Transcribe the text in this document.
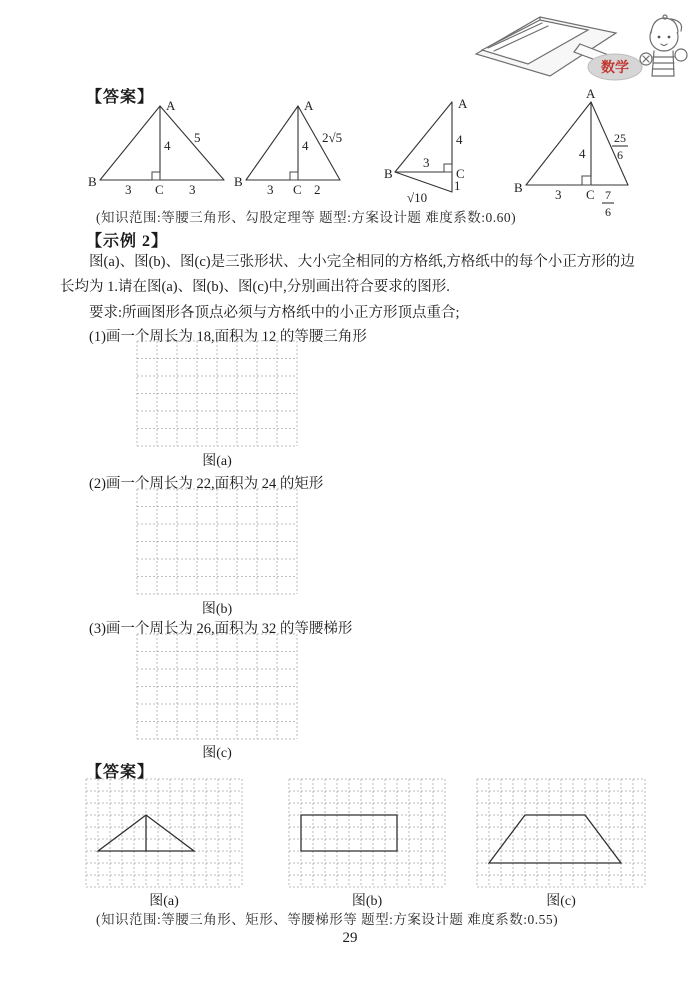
数学
【答案】 A
B
C
4
5
3	3
A
B
C
4
2√5
3	2
A
4
3
B	C
1
√10
A
B	C
4
3
25
6
7
6
(知识范围:等腰三角形、勾股定理等 题型:方案设计题 难度系数:0.60)
【示例 2】
图(a)、图(b)、图(c)是三张形状、大小完全相同的方格纸,方格纸中的每个小正方形的边长均为 1.请在图(a)、图(b)、图(c)中,分别画出符合要求的图形.
要求:所画图形各顶点必须与方格纸中的小正方形顶点重合;
(1)画一个周长为 18,面积为 12 的等腰三角形
图(a)
(2)画一个周长为 22,面积为 24 的矩形
图(b)
(3)画一个周长为 26,面积为 32 的等腰梯形
图(c)
【答案】
图(a)	图(b)	图(c)
(知识范围:等腰三角形、矩形、等腰梯形等 题型:方案设计题 难度系数:0.55)
29
